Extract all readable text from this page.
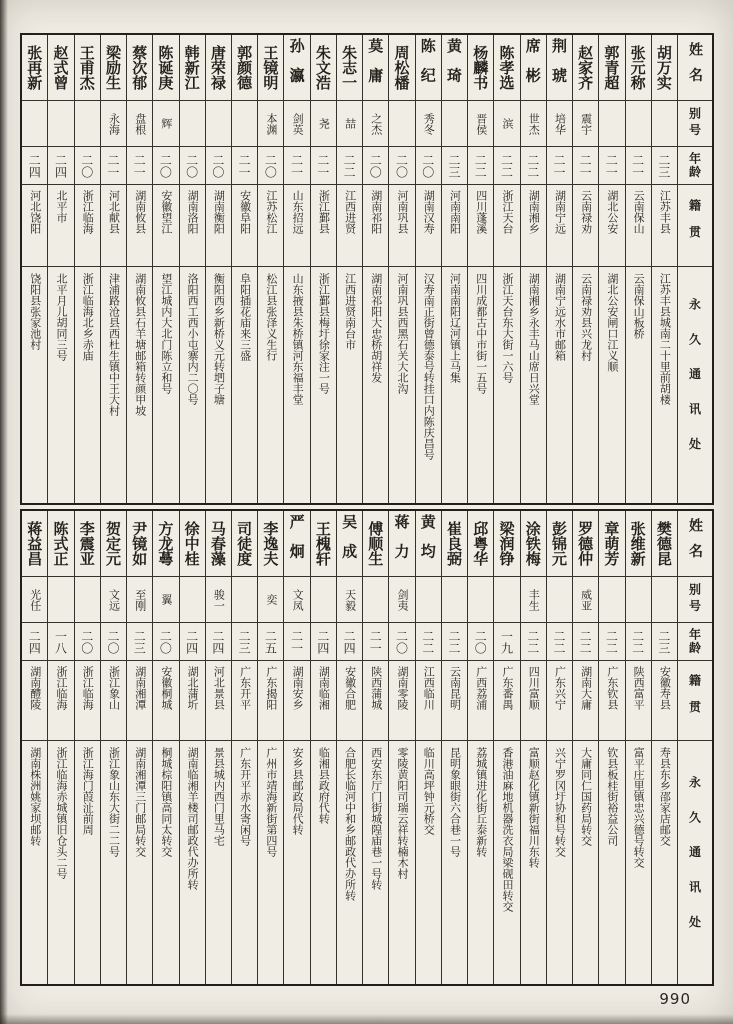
姓名
别号
年龄
籍贯
永久通讯处
胡万实
二三
江苏丰县
江苏丰县城南二十里前胡楼
张元称
二一
云南保山
云南保山板桥
郭青超
二一
湖北公安
湖北公安闸口江义顺
赵家齐
震宇
二一
云南禄劝
云南禄劝县兴龙村
荆琥
培华
二一
湖南宁远
湖南宁远水市邮箱
席彬
世杰
二二
湖南湘乡
湖南湘乡永丰马山席日兴堂
陈孝选
滨
二二
浙江天台
浙江天台东大街一六号
杨麟书
晋侯
二二
四川蓬溪
四川成都古中市街一五号
黄琦
二三
河南南阳
河南南阳辽河镇上马集
陈纪
秀冬
二〇
湖南汉寿
汉寿南正街曾德泰号转挂口内陈庆昌号
周松橎
二〇
河南巩县
河南巩县西黑石关大北沟
莫庸
之杰
二〇
湖南祁阳
湖南祁阳大忠桥胡祥发
朱志一
喆
二二
江西进贤
江西进贤南台市
朱文浩
尧
二一
浙江鄞县
浙江鄞县梅圩徐家注一号
孙瀛
剑英
二一
山东招远
山东掖县朱桥镇河东福丰堂
王镜明
本渊
二〇
江苏松江
松江县张泽义生行
郭颜德
二一
安徽阜阳
阜阳插花庙来三盛
唐荣禄
二〇
湖南衡阳
衡阳西乡新桥义元转垇子塘
韩新江
二〇
湖南洛阳
洛阳西工西小屯寨内二〇号
陈诞庚
辉
二〇
安徽望江
望江城内大北门陈立和号
蔡次郁
盘根
二一
湖南攸县
湖南攸县石羊塘邮箱转颜甲坡
梁励生
永海
二一
河北献县
津浦路沧县西杜生镇中王大村
王甫杰
二〇
浙江临海
浙江临海北乡赤庙
赵式曾
二四
北平市
北平月儿胡同三号
张再新
二四
河北饶阳
饶阳县张家池村
姓名
别号
年龄
籍贯
永久通讯处
樊德昆
二三
安徽寿县
寿县东乡邵家店邮交
张维新
二二
陕西富平
富平庄里镇忠兴德号转交
章萌芳
二二
广东钦县
钦县板桂街裕益公司
罗德仲
威亚
二二
湖南大庸
大庸同仁国药局转交
彭锦元
二二
广东兴宁
兴宁罗冈圩协和号转交
涂铁梅
丰生
二二
四川富顺
富顺赵化镇新街福川东转
梁润铮
一九
广东番禺
香港油麻地机器洗衣局梁砚田转交
邱粤华
二〇
广西荔浦
荔城镇进化街丘泰新转
崔良弼
二二
云南昆明
昆明象眼街六合巷一号
黄均
二二
江西临川
临川高坪钟元桥交
蒋力
剑夷
二〇
湖南零陵
零陵黄阳司瑞云祥转楠木村
傅顺生
二一
陕西蒲城
西安东厅门街城隍庙巷一号转
吴成
天毅
二四
安徽合肥
合肥长临河中和乡邮政代办所转
王槐轩
二四
湖南临湘
临湘县政府代转
严炯
文凤
二一
湖南安乡
安乡县邮政局代转
李逸夫
奕
二五
广东揭阳
广州市靖海新街第四号
司徒度
二三
广东开平
广东开平赤水寄闲号
马春藻
骏一
二四
河北景县
景县城内西门里马宅
徐中桂
二四
湖北蒲圻
湖南临湘羊楼司邮政代办所转
方龙蕚
翼
二〇
安徽桐城
桐城棕阳镇高同太转交
尹镜如
至刚
二三
湖南湘潭
湖南湘潭三门邮局转交
贺定元
文远
二〇
浙江象山
浙江象山东大街二二号
李震亚
二〇
浙江临海
浙江海门葭沚前周
陈式正
一八
浙江临海
浙江临海赤城镇旧仓头二号
蒋益昌
光任
二四
湖南醴陵
湖南株洲姚家坝邮转
990
